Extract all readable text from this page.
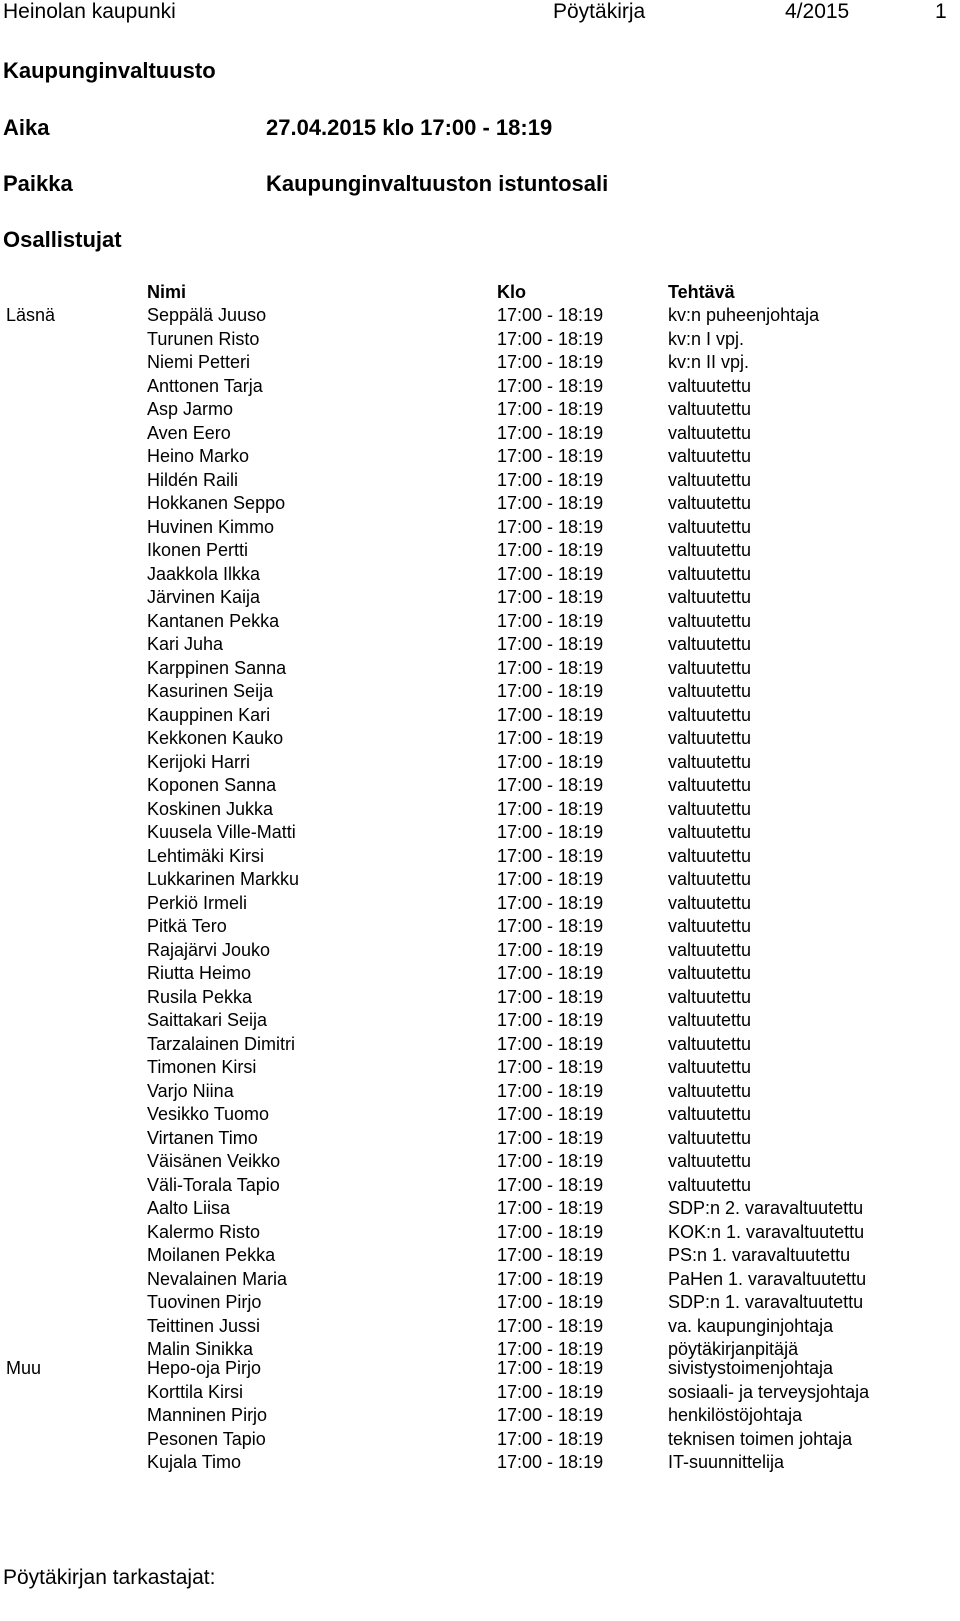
Heinolan kaupunki	Pöytäkirja	4/2015	1
Kaupunginvaltuusto
Aika	27.04.2015 klo 17:00 - 18:19
Paikka	Kaupunginvaltuuston istuntosali
Osallistujat
Nimi	Klo	Tehtävä
Läsnä	Seppälä Juuso	17:00 - 18:19	kv:n puheenjohtaja
Turunen Risto	17:00 - 18:19	kv:n I vpj.
Niemi Petteri	17:00 - 18:19	kv:n II vpj.
Anttonen Tarja	17:00 - 18:19	valtuutettu
Asp Jarmo	17:00 - 18:19	valtuutettu
Aven Eero	17:00 - 18:19	valtuutettu
Heino Marko	17:00 - 18:19	valtuutettu
Hildén Raili	17:00 - 18:19	valtuutettu
Hokkanen Seppo	17:00 - 18:19	valtuutettu
Huvinen Kimmo	17:00 - 18:19	valtuutettu
Ikonen Pertti	17:00 - 18:19	valtuutettu
Jaakkola Ilkka	17:00 - 18:19	valtuutettu
Järvinen Kaija	17:00 - 18:19	valtuutettu
Kantanen Pekka	17:00 - 18:19	valtuutettu
Kari Juha	17:00 - 18:19	valtuutettu
Karppinen Sanna	17:00 - 18:19	valtuutettu
Kasurinen Seija	17:00 - 18:19	valtuutettu
Kauppinen Kari	17:00 - 18:19	valtuutettu
Kekkonen Kauko	17:00 - 18:19	valtuutettu
Kerijoki Harri	17:00 - 18:19	valtuutettu
Koponen Sanna	17:00 - 18:19	valtuutettu
Koskinen Jukka	17:00 - 18:19	valtuutettu
Kuusela Ville-Matti	17:00 - 18:19	valtuutettu
Lehtimäki Kirsi	17:00 - 18:19	valtuutettu
Lukkarinen Markku	17:00 - 18:19	valtuutettu
Perkiö Irmeli	17:00 - 18:19	valtuutettu
Pitkä Tero	17:00 - 18:19	valtuutettu
Rajajärvi Jouko	17:00 - 18:19	valtuutettu
Riutta Heimo	17:00 - 18:19	valtuutettu
Rusila Pekka	17:00 - 18:19	valtuutettu
Saittakari Seija	17:00 - 18:19	valtuutettu
Tarzalainen Dimitri	17:00 - 18:19	valtuutettu
Timonen Kirsi	17:00 - 18:19	valtuutettu
Varjo Niina	17:00 - 18:19	valtuutettu
Vesikko Tuomo	17:00 - 18:19	valtuutettu
Virtanen Timo	17:00 - 18:19	valtuutettu
Väisänen Veikko	17:00 - 18:19	valtuutettu
Väli-Torala Tapio	17:00 - 18:19	valtuutettu
Aalto Liisa	17:00 - 18:19	SDP:n 2. varavaltuutettu
Kalermo Risto	17:00 - 18:19	KOK:n 1. varavaltuutettu
Moilanen Pekka	17:00 - 18:19	PS:n 1. varavaltuutettu
Nevalainen Maria	17:00 - 18:19	PaHen 1. varavaltuutettu
Tuovinen Pirjo	17:00 - 18:19	SDP:n 1. varavaltuutettu
Teittinen Jussi	17:00 - 18:19	va. kaupunginjohtaja
Malin Sinikka	17:00 - 18:19	pöytäkirjanpitäjä
Muu	Hepo-oja Pirjo	17:00 - 18:19	sivistystoimenjohtaja
Korttila Kirsi	17:00 - 18:19	sosiaali- ja terveysjohtaja
Manninen Pirjo	17:00 - 18:19	henkilöstöjohtaja
Pesonen Tapio	17:00 - 18:19	teknisen toimen johtaja
Kujala Timo	17:00 - 18:19	IT-suunnittelija
Pöytäkirjan tarkastajat:
